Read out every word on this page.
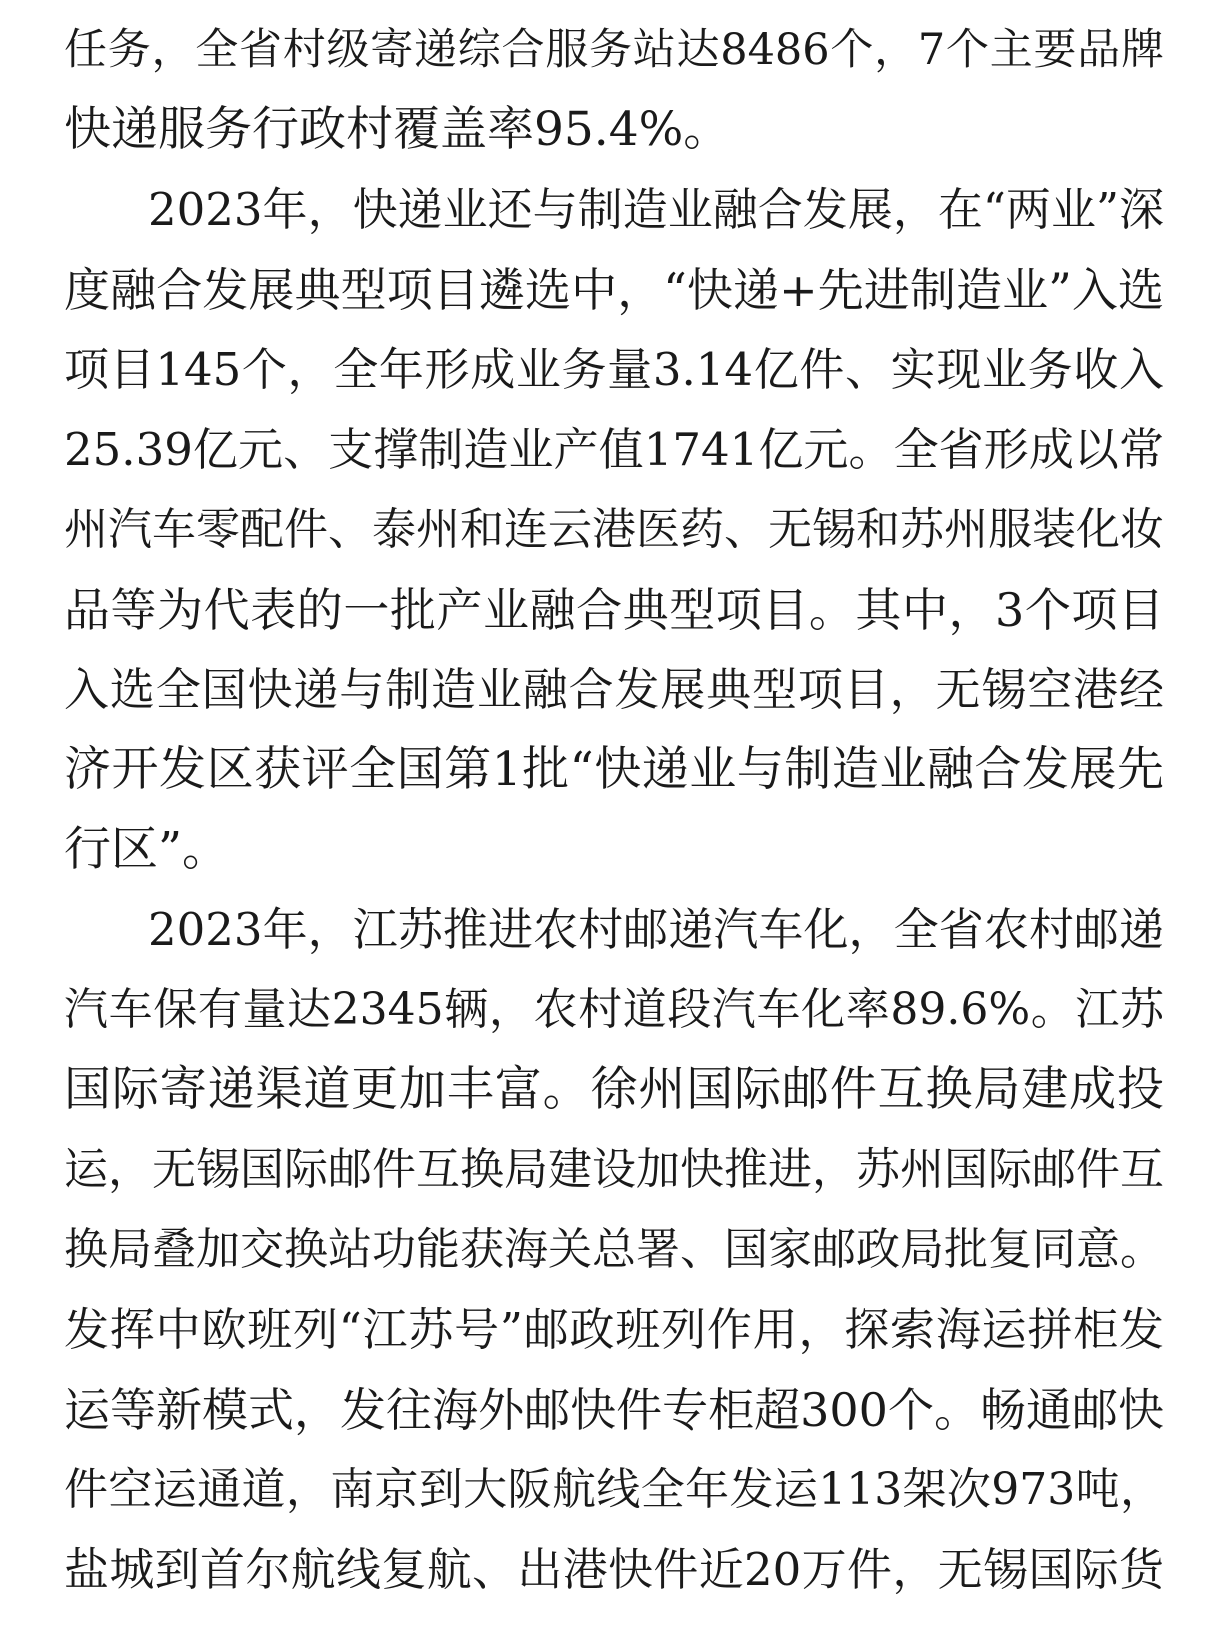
任务，全省村级寄递综合服务站达8486个，7个主要品牌
快递服务行政村覆盖率95.4%。
2023年，快递业还与制造业融合发展，在“两业”深
度融合发展典型项目遴选中，“快递+先进制造业”入选
项目145个，全年形成业务量3.14亿件、实现业务收入
25.39亿元、支撑制造业产值1741亿元。全省形成以常
州汽车零配件、泰州和连云港医药、无锡和苏州服装化妆
品等为代表的一批产业融合典型项目。其中，3个项目
入选全国快递与制造业融合发展典型项目，无锡空港经
济开发区获评全国第1批“快递业与制造业融合发展先
行区”。
2023年，江苏推进农村邮递汽车化，全省农村邮递
汽车保有量达2345辆，农村道段汽车化率89.6%。江苏
国际寄递渠道更加丰富。徐州国际邮件互换局建成投
运，无锡国际邮件互换局建设加快推进，苏州国际邮件互
换局叠加交换站功能获海关总署、国家邮政局批复同意。
发挥中欧班列“江苏号”邮政班列作用，探索海运拼柜发
运等新模式，发往海外邮快件专柜超300个。畅通邮快
件空运通道，南京到大阪航线全年发运113架次973吨，
盐城到首尔航线复航、出港快件近20万件，无锡国际货
